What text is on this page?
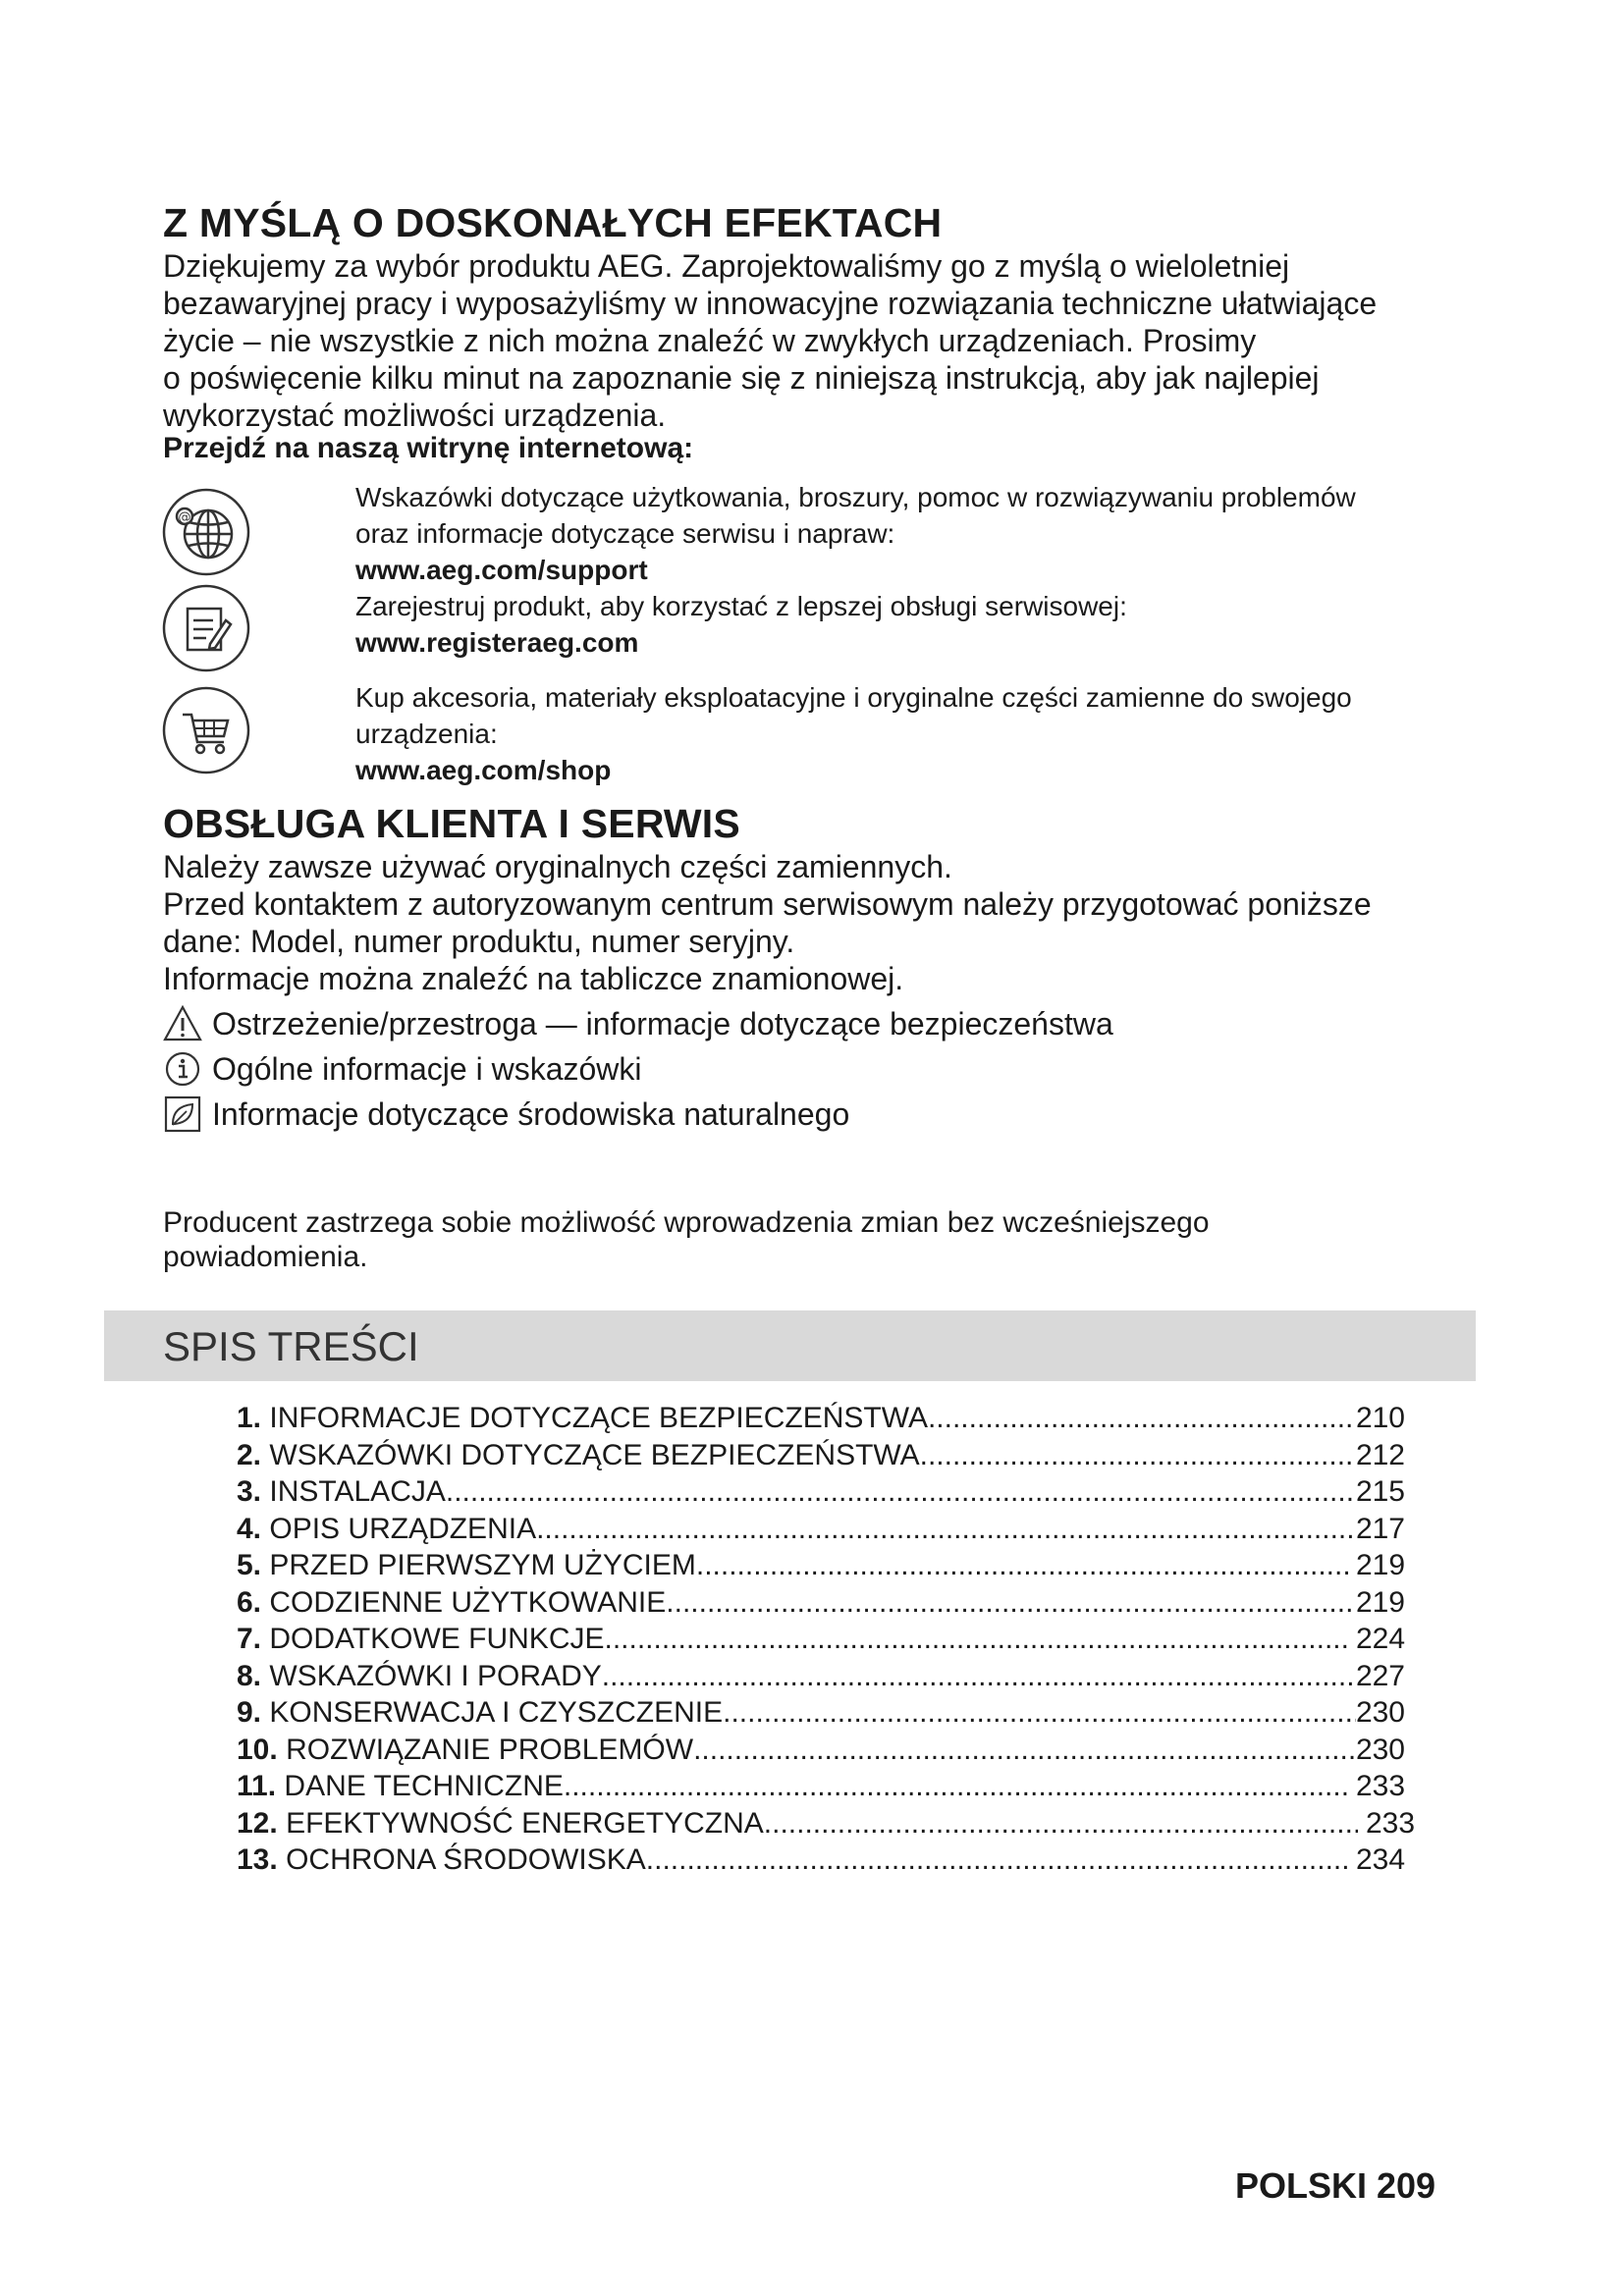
Z MYŚLĄ O DOSKONAŁYCH EFEKTACH

Dziękujemy za wybór produktu AEG. Zaprojektowaliśmy go z myślą o wieloletniej

bezawaryjnej pracy i wyposażyliśmy w innowacyjne rozwiązania techniczne ułatwiające

życie – nie wszystkie z nich można znaleźć w zwykłych urządzeniach. Prosimy

o poświęcenie kilku minut na zapoznanie się z niniejszą instrukcją, aby jak najlepiej

wykorzystać możliwości urządzenia.

Przejdź na naszą witrynę internetową:
@
Wskazówki dotyczące użytkowania, broszury, pomoc w rozwiązywaniu problemów
oraz informacje dotyczące serwisu i napraw:
www.aeg.com/support
Zarejestruj produkt, aby korzystać z lepszej obsługi serwisowej:
www.registeraeg.com
Kup akcesoria, materiały eksploatacyjne i oryginalne części zamienne do swojego
urządzenia:
www.aeg.com/shop
OBSŁUGA KLIENTA I SERWIS

Należy zawsze używać oryginalnych części zamiennych.

Przed kontaktem z autoryzowanym centrum serwisowym należy przygotować poniższe

dane: Model, numer produktu, numer seryjny.

Informacje można znaleźć na tabliczce znamionowej.

Ostrzeżenie/przestroga — informacje dotyczące bezpieczeństwa
Ogólne informacje i wskazówki
Informacje dotyczące środowiska naturalnego
Producent zastrzega sobie możliwość wprowadzenia zmian bez wcześniejszego
powiadomienia.
SPIS TREŚCI
1.
INFORMACJE DOTYCZĄCE BEZPIECZEŃSTWA .....	210
2.
WSKAZÓWKI DOTYCZĄCE BEZPIECZEŃSTWA .....	212
3.
INSTALACJA .....	215
4.
OPIS URZĄDZENIA .....	217
5.
PRZED PIERWSZYM UŻYCIEM .....	219
6.
CODZIENNE UŻYTKOWANIE .....	219
7.
DODATKOWE FUNKCJE .....	224
8.
WSKAZÓWKI I PORADY .....	227
9.
KONSERWACJA I CZYSZCZENIE .....	230
10.
ROZWIĄZANIE PROBLEMÓW .....	230
11.
DANE TECHNICZNE .....	233
12.
EFEKTYWNOŚĆ ENERGETYCZNA .....	233
13.
OCHRONA ŚRODOWISKA .....	234
POLSKI 209
